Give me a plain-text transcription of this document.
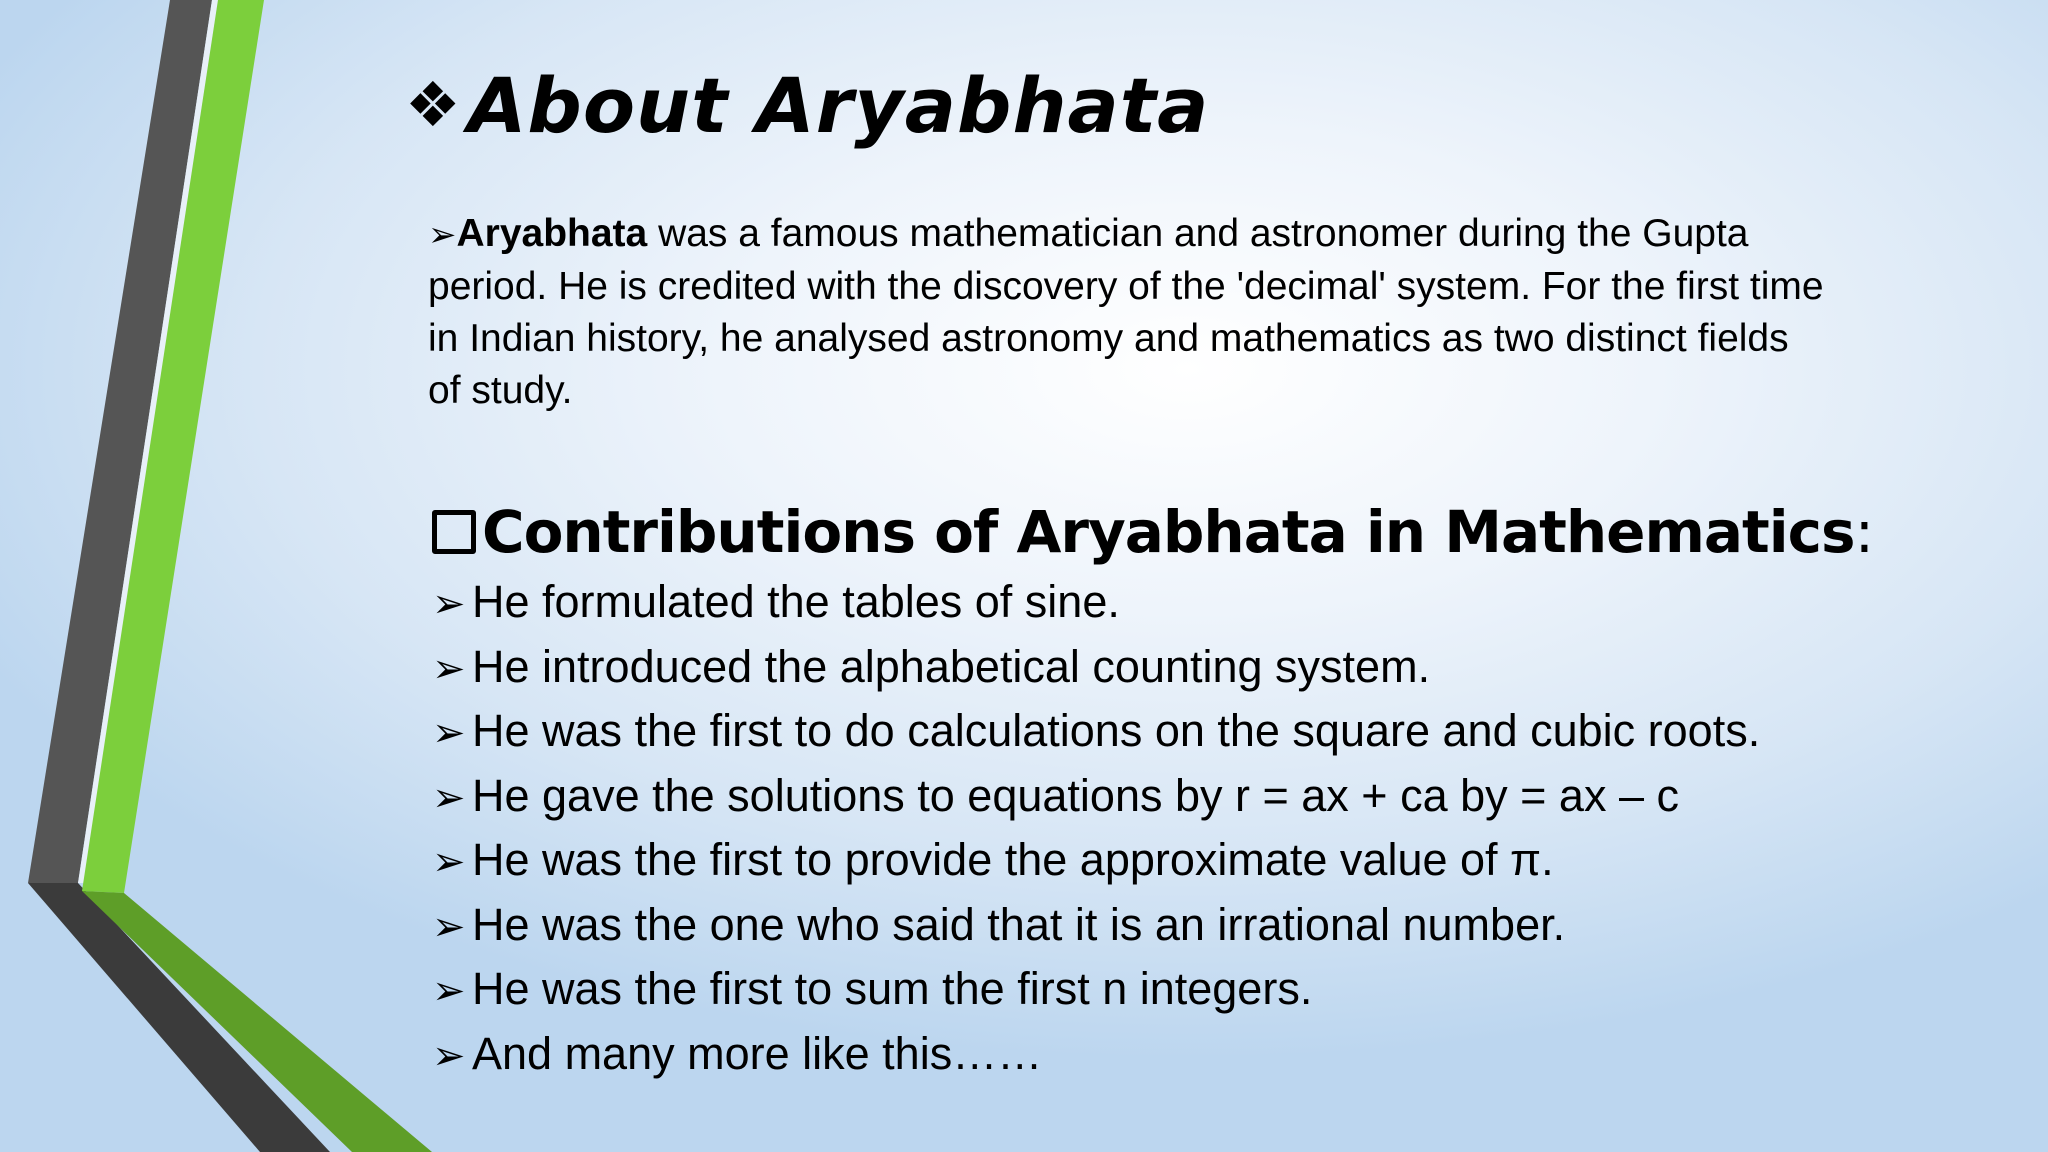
❖About Aryabhata
➢Aryabhata was a famous mathematician and astronomer during the Gupta period. He is credited with the discovery of the 'decimal' system. For the first time in Indian history, he analysed astronomy and mathematics as two distinct fields of study.
Contributions of Aryabhata in Mathematics:
➢ He formulated the tables of sine.
➢ He introduced the alphabetical counting system.
➢ He was the first to do calculations on the square and cubic roots.
➢ He gave the solutions to equations by r = ax + ca by = ax – c
➢ He was the first to provide the approximate value of π.
➢ He was the one who said that it is an irrational number.
➢ He was the first to sum the first n integers.
➢ And many more like this……
